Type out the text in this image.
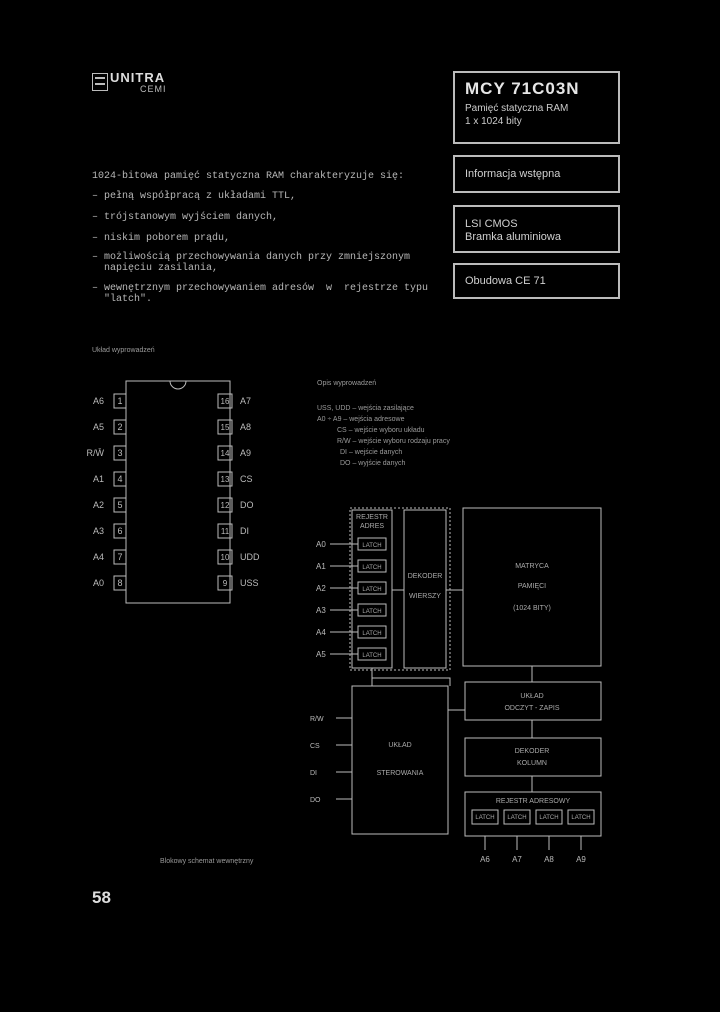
UNITRA
CEMI	MCY 71C03N
Pamięć statyczna RAM
1 x 1024 bity
Informacja wstępna
LSI CMOS
Bramka aluminiowa
Obudowa CE 71
1024-bitowa pamięć statyczna RAM charakteryzuje się:
– pełną współpracą z układami TTL,
– trójstanowym wyjściem danych,
– niskim poborem prądu,
– możliwością przechowywania danych przy zmniejszonym
napięciu zasilania,
– wewnętrznym przechowywaniem adresów  w  rejestrze typu
"latch".
Układ wyprowadzeń
Opis wyprowadzeń
USS, UDD – wejścia zasilające
A0 ÷ A9 – wejścia adresowe
CS – wejście wyboru układu
R/W – wejście wyboru rodzaju pracy
DI – wejście danych
DO – wyjście danych
1
A6
2
A5
3
R/W̄
4
A1
5
A2
6
A3
7
A4
8
A0
16 A7
15 A8
14 A9
13 CS
12 DO
11 DI
10 UDD
9 USS
LATCH
A0
LATCH
A1
LATCH
A2
LATCH
A3
LATCH
A4
LATCH
A5
LATCH LATCH LATCH LATCH
R/W
CS
DI
DO
A6	A7	A8	A9
REJESTR
ADRES
DEKODER
WIERSZY
MATRYCA
PAMIĘCI
(1024 BITY)
UKŁAD
ODCZYT - ZAPIS
DEKODER
KOLUMN
UKŁAD
STEROWANIA
REJESTR ADRESOWY
Blokowy schemat wewnętrzny
58
